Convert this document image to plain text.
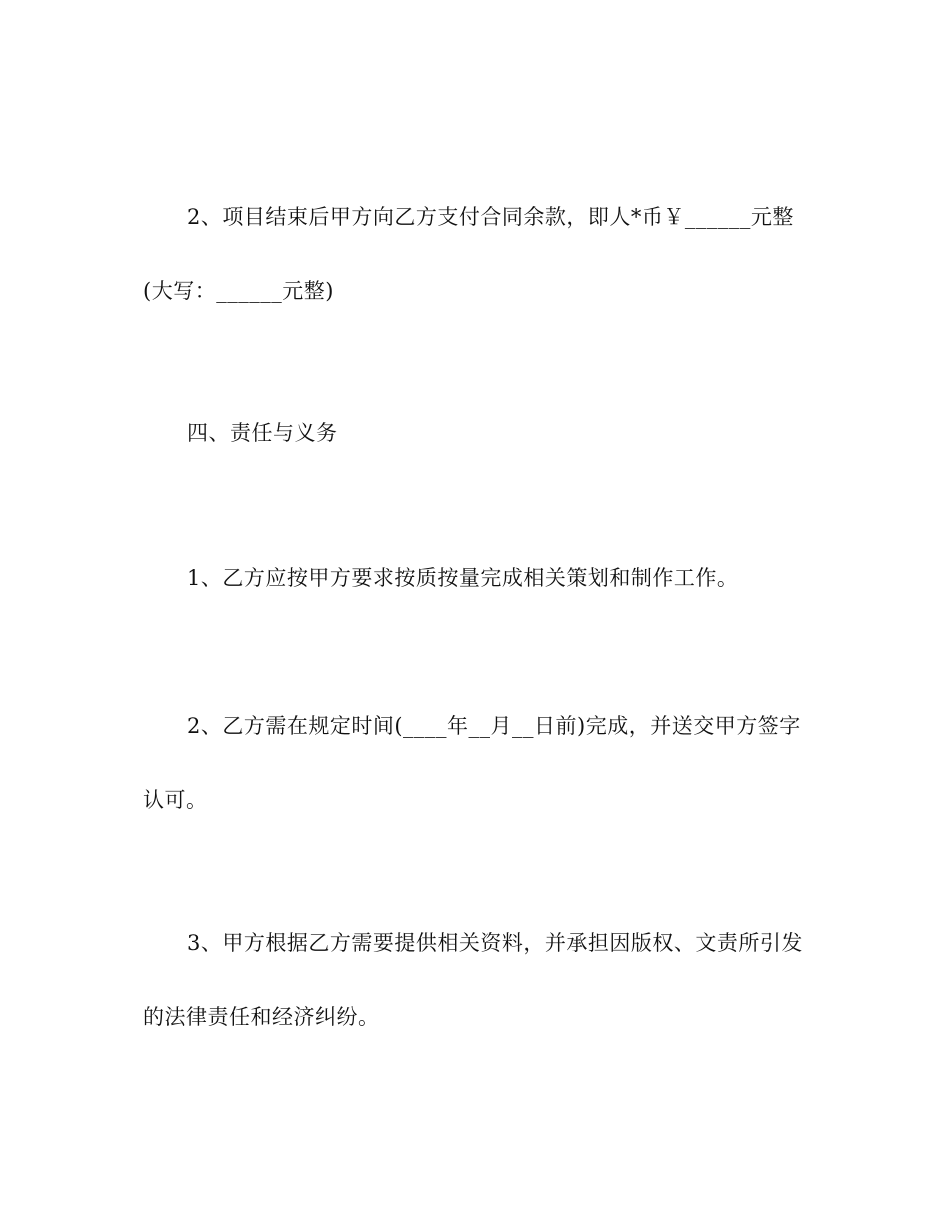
2、项目结束后甲方向乙方支付合同余款，即人*币￥______元整
(大写：______元整)
四、责任与义务
1、乙方应按甲方要求按质按量完成相关策划和制作工作。
2、乙方需在规定时间(____年__月__日前)完成，并送交甲方签字
认可。
3、甲方根据乙方需要提供相关资料，并承担因版权、文责所引发
的法律责任和经济纠纷。
